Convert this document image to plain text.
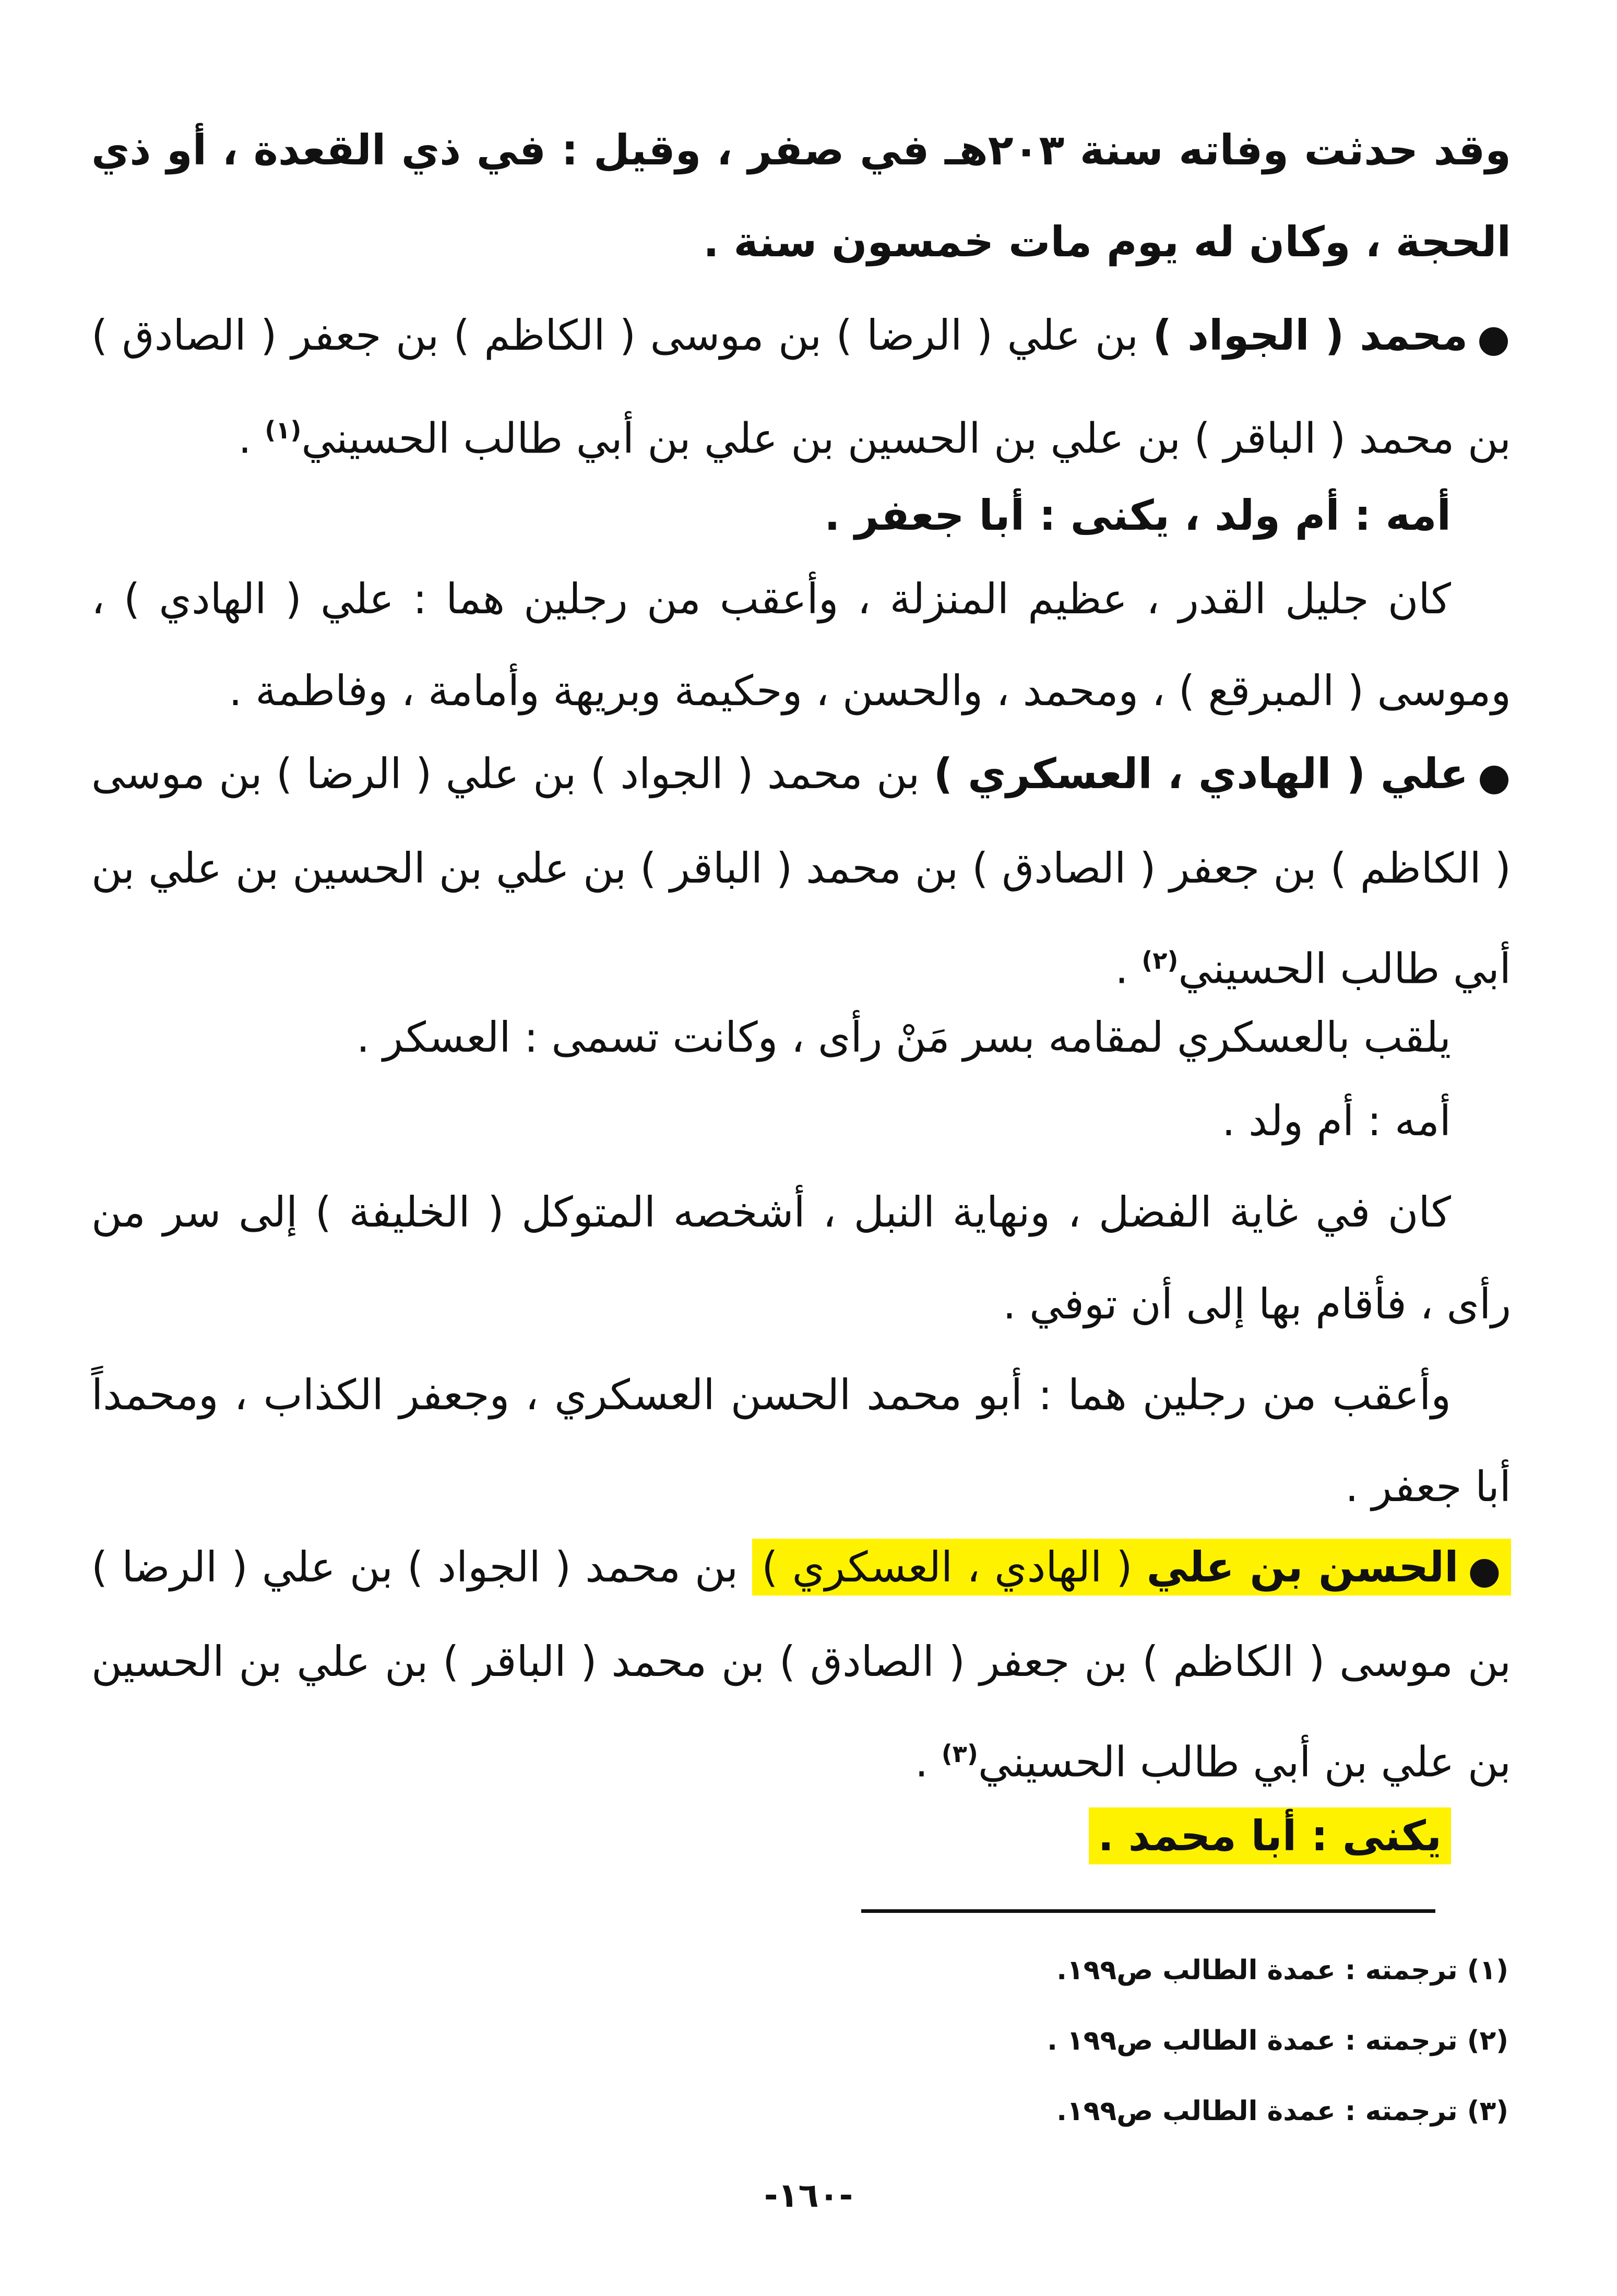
وقد حدثت وفاته سنة ٢٠٣هـ في صفر ، وقيل : في ذي القعدة ، أو ذي الحجة ، وكان له يوم مات خمسون سنة .
●محمد ( الجواد ) بن علي ( الرضا ) بن موسى ( الكاظم ) بن جعفر ( الصادق ) بن محمد ( الباقر ) بن علي بن الحسين بن علي بن أبي طالب الحسيني$^{(١)}$ .
أمه : أم ولد ، يكنى : أبا جعفر .
كان جليل القدر ، عظيم المنزلة ، وأعقب من رجلين هما : علي ( الهادي ) ، وموسى ( المبرقع ) ، ومحمد ، والحسن ، وحكيمة وبريهة وأمامة ، وفاطمة .
●علي ( الهادي ، العسكري ) بن محمد ( الجواد ) بن علي ( الرضا ) بن موسى ( الكاظم ) بن جعفر ( الصادق ) بن محمد ( الباقر ) بن علي بن الحسين بن علي بن أبي طالب الحسيني$^{(٢)}$ .
يلقب بالعسكري لمقامه بسر مَنْ رأى ، وكانت تسمى : العسكر .
أمه : أم ولد .
كان في غاية الفضل ، ونهاية النبل ، أشخصه المتوكل ( الخليفة ) إلى سر من رأى ، فأقام بها إلى أن توفي .
وأعقب من رجلين هما : أبو محمد الحسن العسكري ، وجعفر الكذاب ، ومحمداً أبا جعفر .
●الحسن بن علي ( الهادي ، العسكري ) بن محمد ( الجواد ) بن علي ( الرضا ) بن موسى ( الكاظم ) بن جعفر ( الصادق ) بن محمد ( الباقر ) بن علي بن الحسين بن علي بن أبي طالب الحسيني$^{(٣)}$ .
يكنى : أبا محمد .
(١) ترجمته : عمدة الطالب ص١٩٩.
(٢) ترجمته : عمدة الطالب ص١٩٩ .
(٣) ترجمته : عمدة الطالب ص١٩٩.
-١٦٠-
